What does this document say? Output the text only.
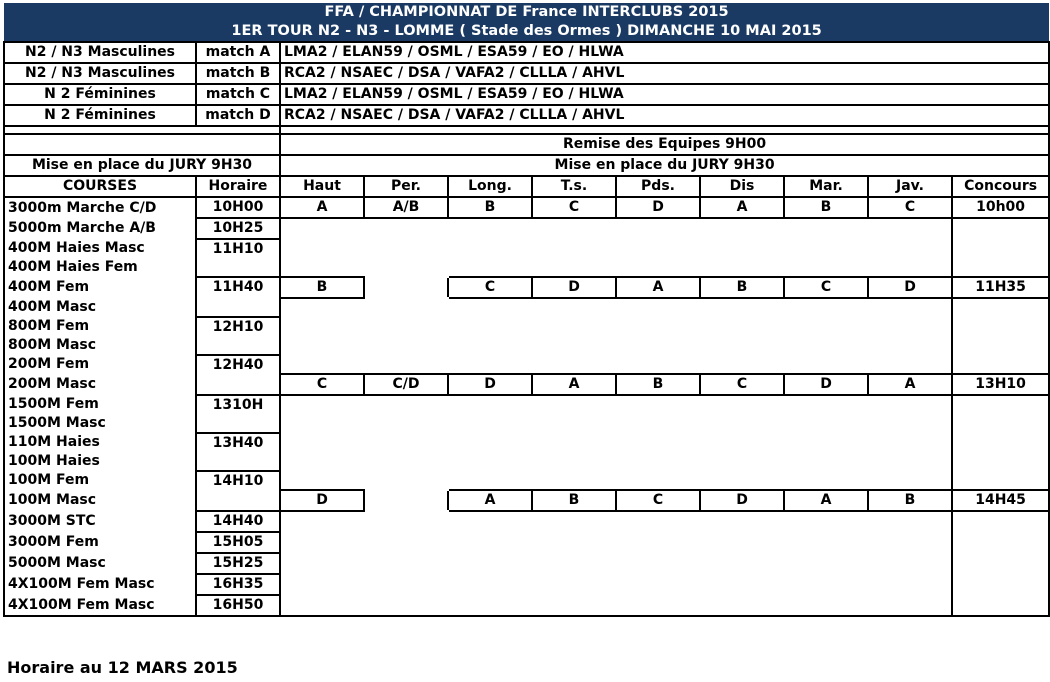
FFA / CHAMPIONNAT DE France INTERCLUBS 2015										
1ER TOUR N2 - N3 - LOMME ( Stade des Ormes ) DIMANCHE 10 MAI 2015										
N2 / N3 Masculines	match A	LMA2 / ELAN59 / OSML / ESA59 / EO / HLWA								
N2 / N3 Masculines	match B	RCA2 / NSAEC / DSA / VAFA2 / CLLLA / AHVL								
N 2 Féminines	match C	LMA2 / ELAN59 / OSML / ESA59 / EO / HLWA								
N 2 Féminines	match D	RCA2 / NSAEC / DSA / VAFA2 / CLLLA / AHVL								

		Remise des Equipes 9H00								
Mise en place du JURY 9H30		Mise en place du JURY 9H30								
COURSES	Horaire	Haut	Per.	Long.	T.s.	Pds.	Dis	Mar.	Jav.	Concours
3000m Marche C/D	10H00	A	A/B	B	C	D	A	B	C	10h00
5000m Marche A/B	10H25									
400M Haies Masc	11H10									
400M Haies Fem										
400M Fem	11H40	B		C	D	A	B	C	D	11H35
400M Masc										
800M Fem	12H10									
800M Masc										
200M Fem	12H40									
200M Masc		C	C/D	D	A	B	C	D	A	13H10
1500M Fem	1310H									
1500M Masc										
110M Haies	13H40									
100M Haies										
100M Fem	14H10									
100M Masc		D		A	B	C	D	A	B	14H45
3000M STC	14H40									
3000M Fem	15H05									
5000M Masc	15H25									
4X100M Fem Masc	16H35									
4X100M Fem Masc	16H50									
Horaire au 12 MARS 2015
